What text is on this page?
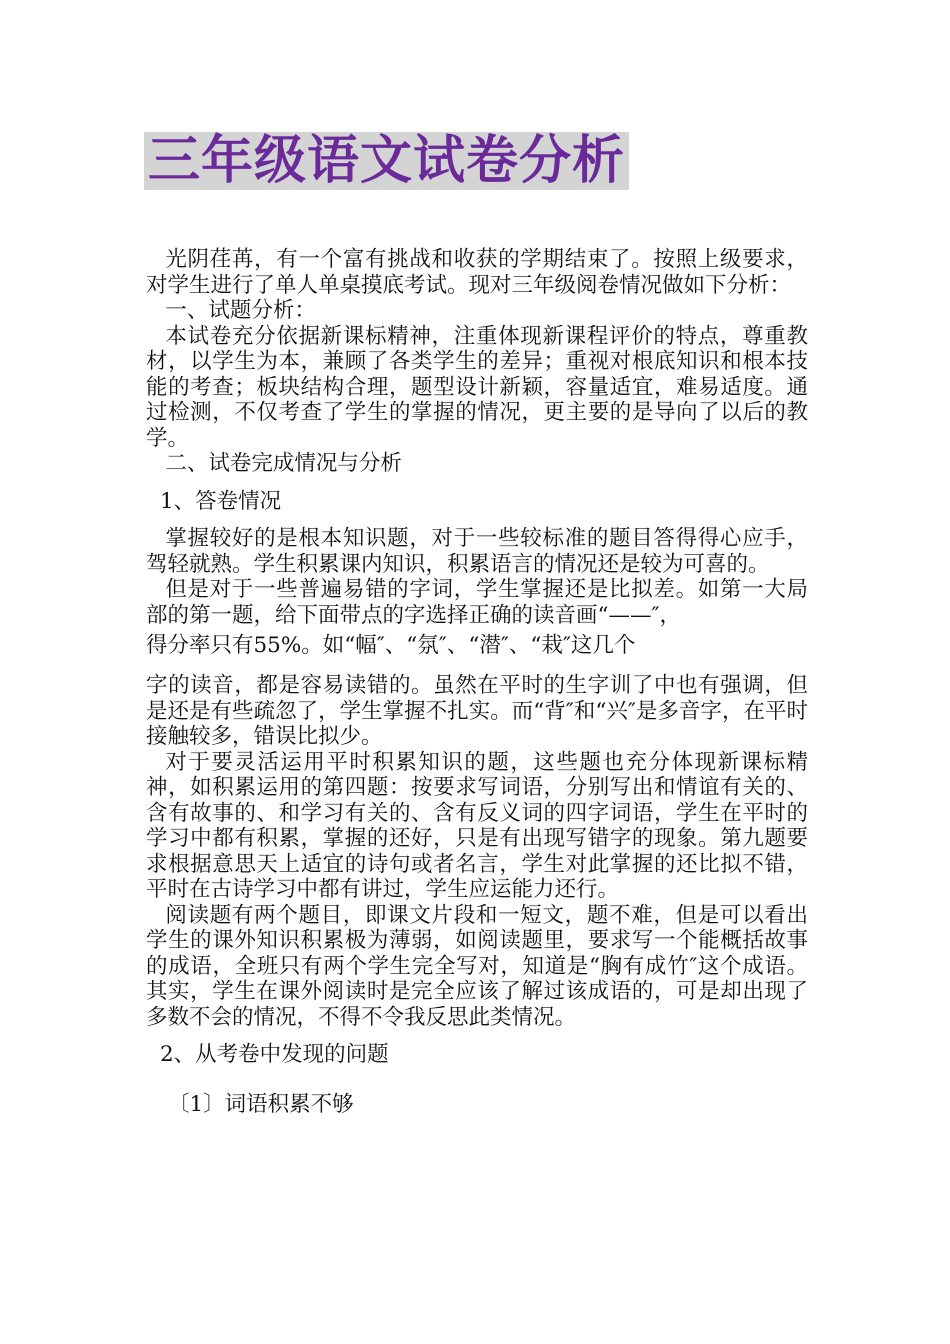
三年级语文试卷分析

光阴荏苒，有一个富有挑战和收获的学期结束了。按照上级要求，对学生进行了单人单桌摸底考试。现对三年级阅卷情况做如下分析：

一、试题分析：

本试卷充分依据新课标精神，注重体现新课程评价的特点，尊重教材，以学生为本，兼顾了各类学生的差异；重视对根底知识和根本技能的考查；板块结构合理，题型设计新颖，容量适宜，难易适度。通过检测，不仅考查了学生的掌握的情况，更主要的是导向了以后的教学。

二、试卷完成情况与分析

1、答卷情况

掌握较好的是根本知识题，对于一些较标准的题目答得得心应手，驾轻就熟。学生积累课内知识，积累语言的情况还是较为可喜的。

但是对于一些普遍易错的字词，学生掌握还是比拟差。如第一大局部的第一题，给下面带点的字选择正确的读音画“——″，

得分率只有55%。如“幅″、“氛″、“潜″、“栽″这几个

字的读音，都是容易读错的。虽然在平时的生字训了中也有强调，但是还是有些疏忽了，学生掌握不扎实。而“背″和“兴″是多音字，在平时接触较多，错误比拟少。

对于要灵活运用平时积累知识的题，这些题也充分体现新课标精神，如积累运用的第四题：按要求写词语，分别写出和情谊有关的、含有故事的、和学习有关的、含有反义词的四字词语，学生在平时的学习中都有积累，掌握的还好，只是有出现写错字的现象。第九题要求根据意思天上适宜的诗句或者名言，学生对此掌握的还比拟不错，平时在古诗学习中都有讲过，学生应运能力还行。

阅读题有两个题目，即课文片段和一短文，题不难，但是可以看出学生的课外知识积累极为薄弱，如阅读题里，要求写一个能概括故事的成语，全班只有两个学生完全写对，知道是“胸有成竹″这个成语。其实，学生在课外阅读时是完全应该了解过该成语的，可是却出现了多数不会的情况，不得不令我反思此类情况。

2、从考卷中发现的问题

〔1〕词语积累不够
